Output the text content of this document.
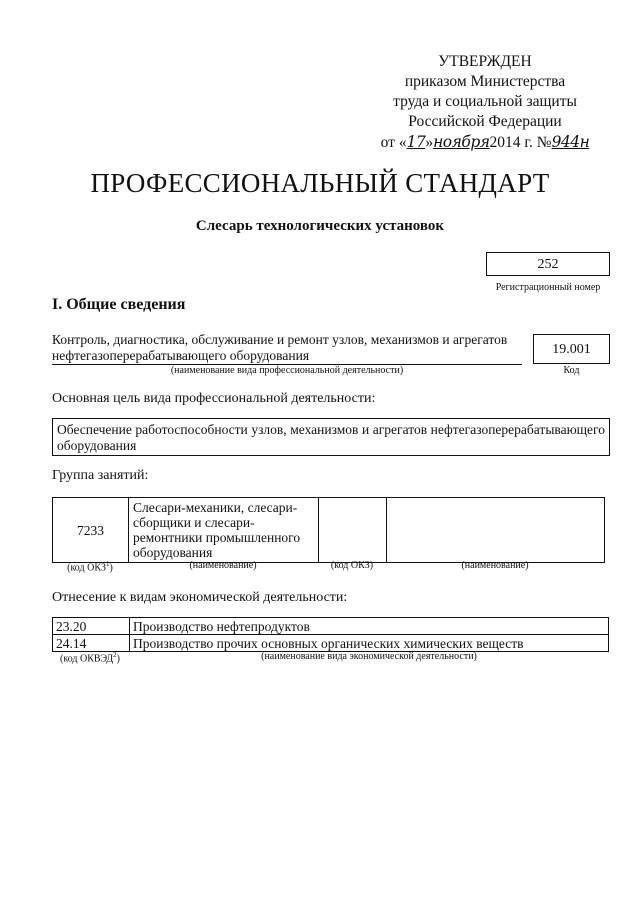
УТВЕРЖДЕН
приказом Министерства
труда и социальной защиты
Российской Федерации
от «17»ноября2014 г. №944н
ПРОФЕССИОНАЛЬНЫЙ СТАНДАРТ
Слесарь технологических установок
252
Регистрационный номер
I. Общие сведения
Контроль, диагностика, обслуживание и ремонт узлов, механизмов и агрегатов нефтегазоперерабатывающего оборудования
(наименование вида профессиональной деятельности)
19.001
Код
Основная цель вида профессиональной деятельности:
Обеспечение работоспособности узлов, механизмов и агрегатов нефтегазоперерабатывающего оборудования
Группа занятий:
7233	Слесари-механики, слесари-сборщики и слесари-ремонтники промышленного оборудования		
(код ОКЗ$^1$)	(наименование)	(код ОКЗ)	(наименование)
Отнесение к видам экономической деятельности:
23.20	Производство нефтепродуктов
24.14	Производство прочих основных органических химических веществ
(код ОКВЭД$^2$)	(наименование вида экономической деятельности)
